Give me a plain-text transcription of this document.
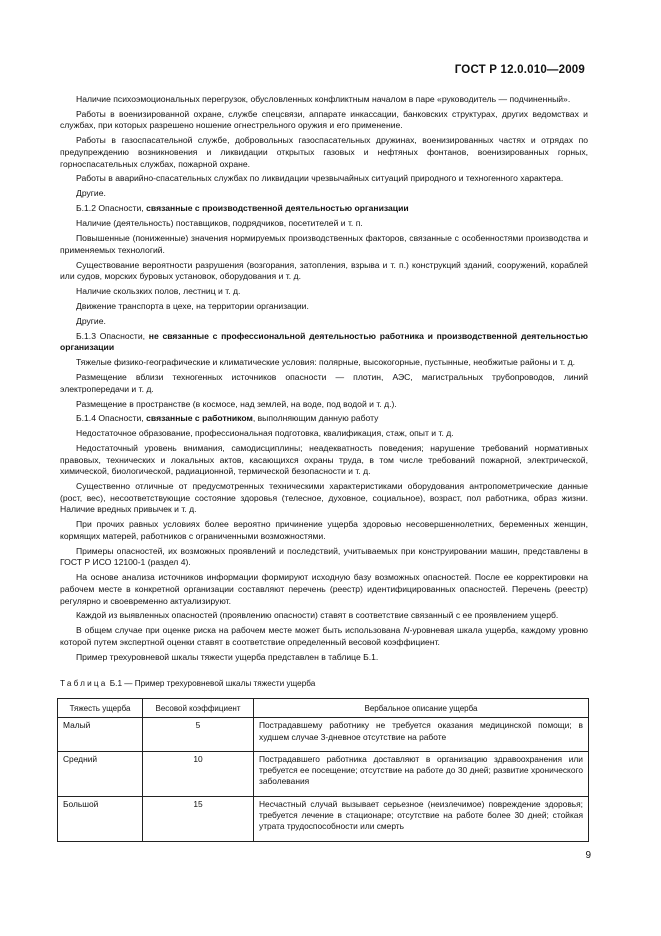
ГОСТ Р 12.0.010—2009

Наличие психоэмоциональных перегрузок, обусловленных конфликтным началом в паре «руководитель — подчиненный».

Работы в военизированной охране, службе спецсвязи, аппарате инкассации, банковских структурах, других ведомствах и службах, при которых разрешено ношение огнестрельного оружия и его применение.

Работы в газоспасательной службе, добровольных газоспасательных дружинах, военизированных частях и отрядах по предупреждению возникновения и ликвидации открытых газовых и нефтяных фонтанов, военизированных горных, горноспасательных службах, пожарной охране.

Работы в аварийно-спасательных службах по ликвидации чрезвычайных ситуаций природного и техногенного характера.

Другие.

Б.1.2 Опасности, связанные с производственной деятельностью организации

Наличие (деятельность) поставщиков, подрядчиков, посетителей и т. п.

Повышенные (пониженные) значения нормируемых производственных факторов, связанные с особенностями производства и применяемых технологий.

Существование вероятности разрушения (возгорания, затопления, взрыва и т. п.) конструкций зданий, сооружений, кораблей или судов, морских буровых установок, оборудования и т. д.

Наличие скользких полов, лестниц и т. д.

Движение транспорта в цехе, на территории организации.

Другие.

Б.1.3 Опасности, не связанные с профессиональной деятельностью работника и производственной деятельностью организации

Тяжелые физико-географические и климатические условия: полярные, высокогорные, пустынные, необжитые районы и т. д.

Размещение вблизи техногенных источников опасности — плотин, АЭС, магистральных трубопроводов, линий электропередачи и т. д.

Размещение в пространстве (в космосе, над землей, на воде, под водой и т. д.).

Б.1.4 Опасности, связанные с работником, выполняющим данную работу

Недостаточное образование, профессиональная подготовка, квалификация, стаж, опыт и т. д.

Недостаточный уровень внимания, самодисциплины; неадекватность поведения; нарушение требований нормативных правовых, технических и локальных актов, касающихся охраны труда, в том числе требований пожарной, электрической, химической, биологической, радиационной, термической безопасности и т. д.

Существенно отличные от предусмотренных техническими характеристиками оборудования антропометрические данные (рост, вес), несоответствующие состояние здоровья (телесное, духовное, социальное), возраст, пол работника, образ жизни. Наличие вредных привычек и т. д.

При прочих равных условиях более вероятно причинение ущерба здоровью несовершеннолетних, беременных женщин, кормящих матерей, работников с ограниченными возможностями.

Примеры опасностей, их возможных проявлений и последствий, учитываемых при конструировании машин, представлены в ГОСТ Р ИСО 12100-1 (раздел 4).

На основе анализа источников информации формируют исходную базу возможных опасностей. После ее корректировки на рабочем месте в конкретной организации составляют перечень (реестр) идентифицированных опасностей. Перечень (реестр) регулярно и своевременно актуализируют.

Каждой из выявленных опасностей (проявлению опасности) ставят в соответствие связанный с ее проявлением ущерб.

В общем случае при оценке риска на рабочем месте может быть использована N-уровневая шкала ущерба, каждому уровню которой путем экспертной оценки ставят в соответствие определенный весовой коэффициент.

Пример трехуровневой шкалы тяжести ущерба представлен в таблице Б.1.

Таблица Б.1 — Пример трехуровневой шкалы тяжести ущерба
Тяжесть ущерба	Весовой коэффициент	Вербальное описание ущерба
Малый	5	Пострадавшему работнику не требуется оказания медицинской помощи; в худшем случае 3-дневное отсутствие на работе
Средний	10	Пострадавшего работника доставляют в организацию здравоохранения или требуется ее посещение; отсутствие на работе до 30 дней; развитие хронического заболевания
Большой	15	Несчастный случай вызывает серьезное (неизлечимое) повреждение здоровья; требуется лечение в стационаре; отсутствие на работе более 30 дней; стойкая утрата трудоспособности или смерть
9
